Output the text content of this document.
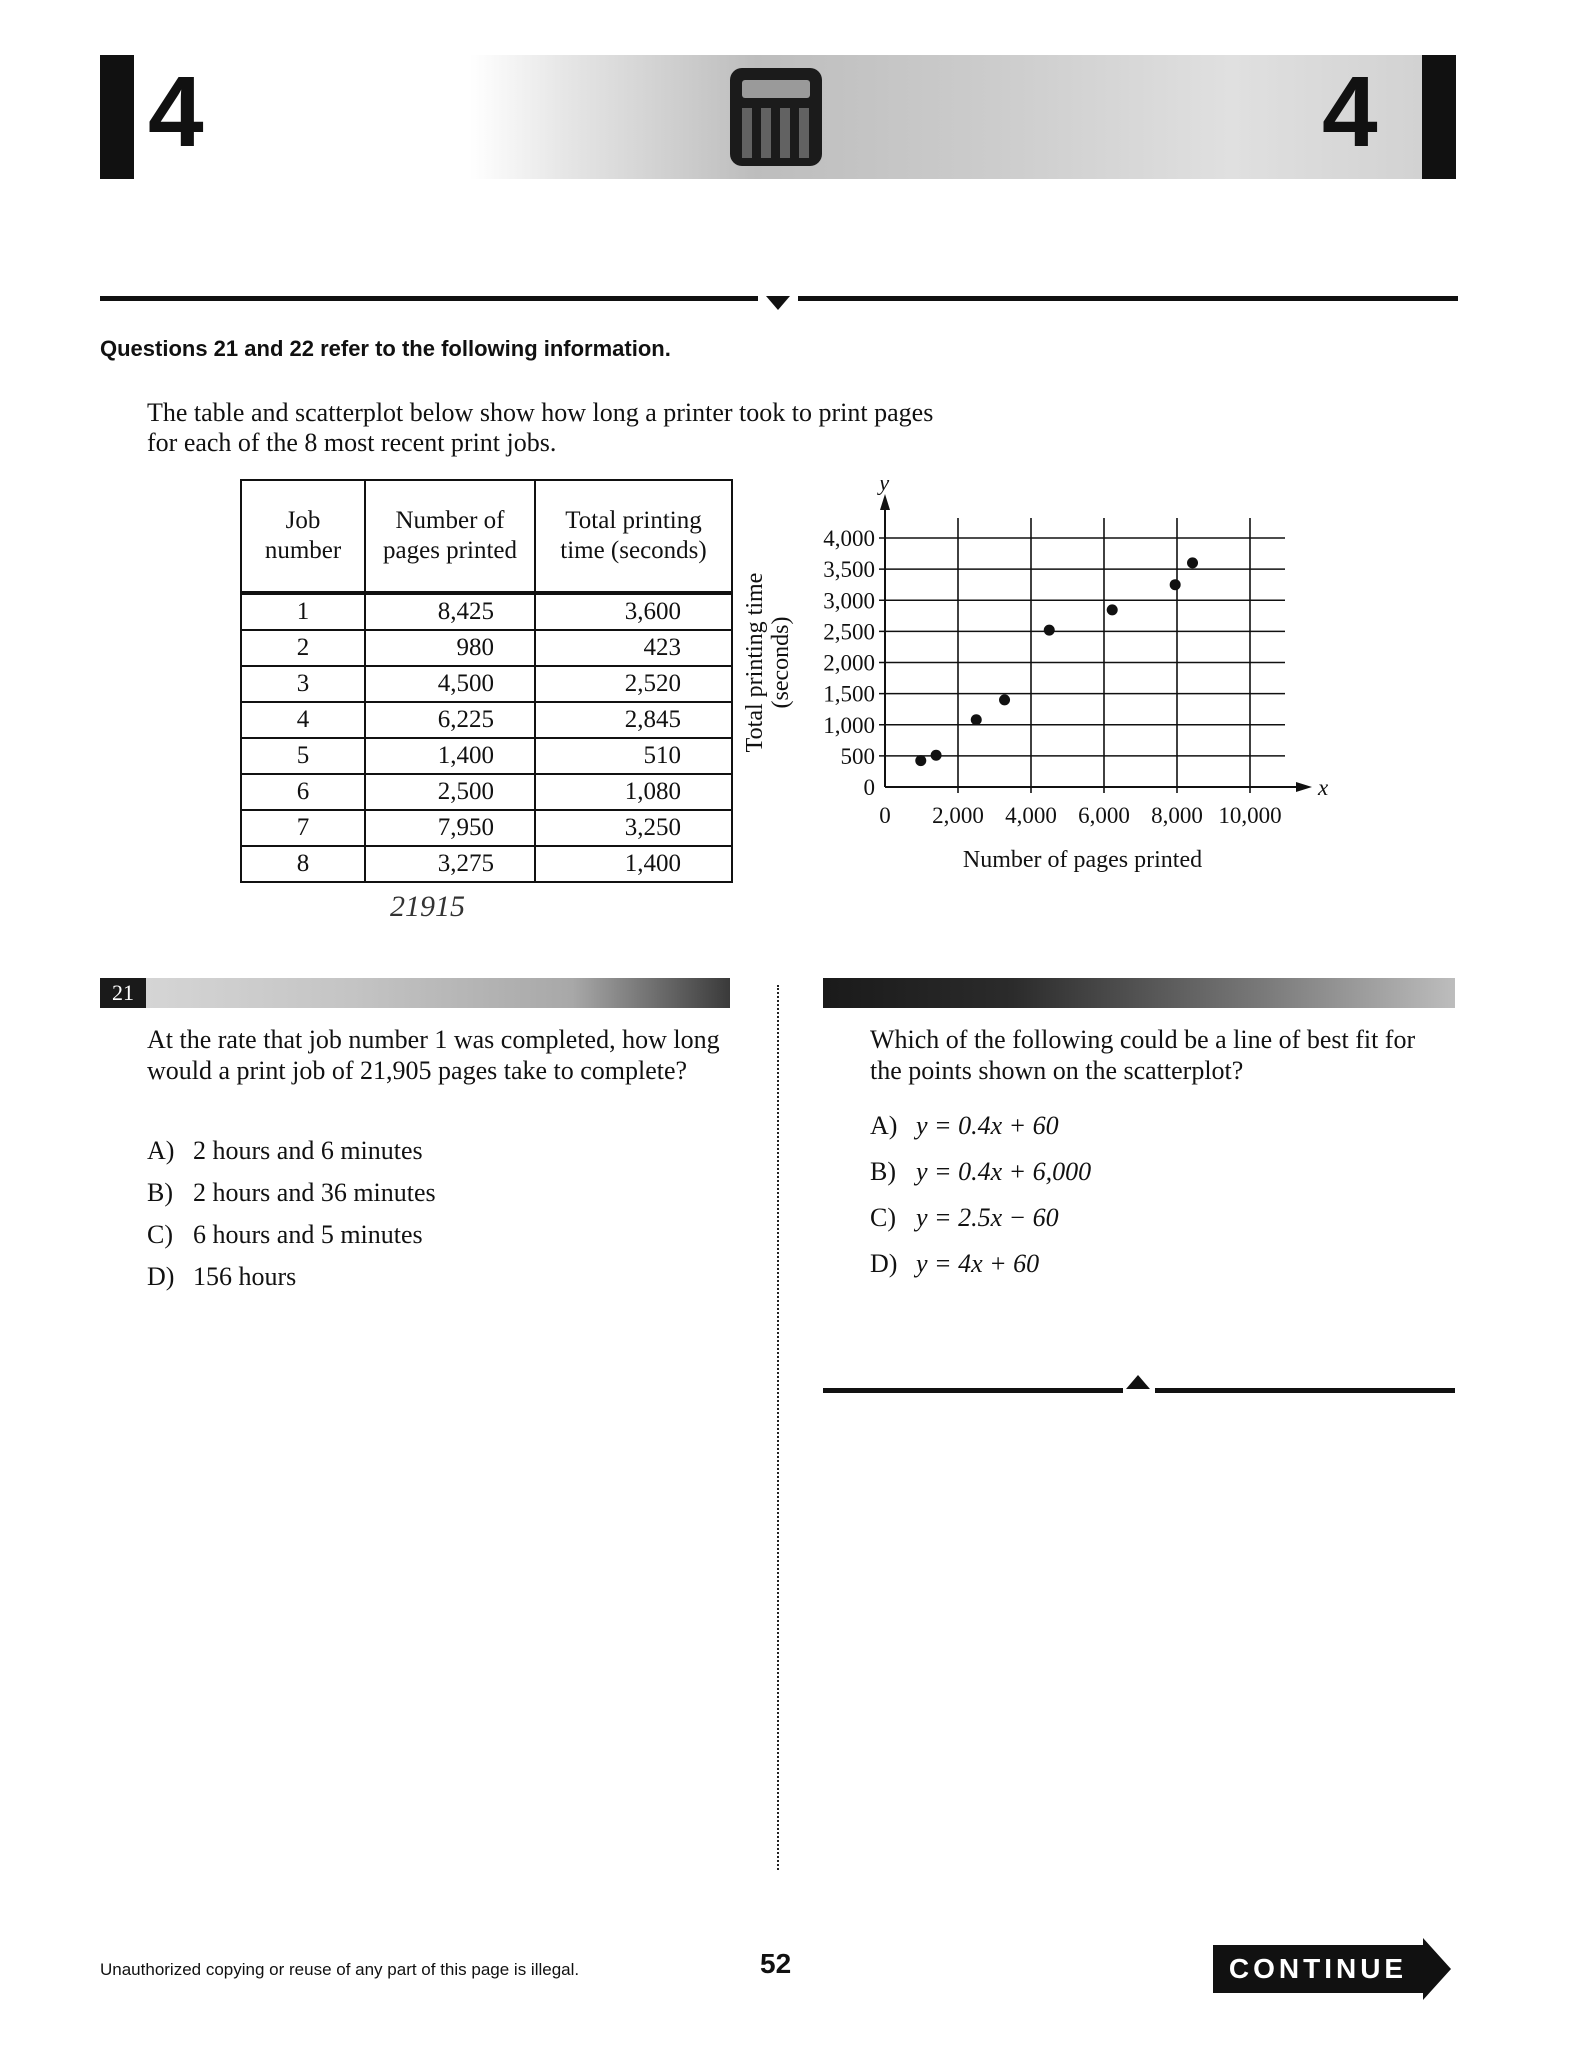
4	4
Questions 21 and 22 refer to the following information.
The table and scatterplot below show how long a printer took to print pages for each of the 8 most recent print jobs.
Job number	Number of pages printed	Total printing time (seconds)
1	8,425	3,600
2	980	423
3	4,500	2,520
4	6,225	2,845
5	1,400	510
6	2,500	1,080
7	7,950	3,250
8	3,275	1,400
21915
0
500
1,000
1,500
2,000
2,500
3,000
3,500
4,000
0 2,000 4,000 6,000 8,000 10,000
x
y
Number of pages printed
Total printing time(seconds)
21
At the rate that job number 1 was completed, how long would a print job of 21,905 pages take to complete?
A) 2 hours and 6 minutes
B) 2 hours and 36 minutes
C) 6 hours and 5 minutes
D) 156 hours
Which of the following could be a line of best fit for the points shown on the scatterplot?
A) y = 0.4x + 60
B) y = 0.4x + 6,000
C) y = 2.5x − 60
D) y = 4x + 60
Unauthorized copying or reuse of any part of this page is illegal.	52	CONTINUE
